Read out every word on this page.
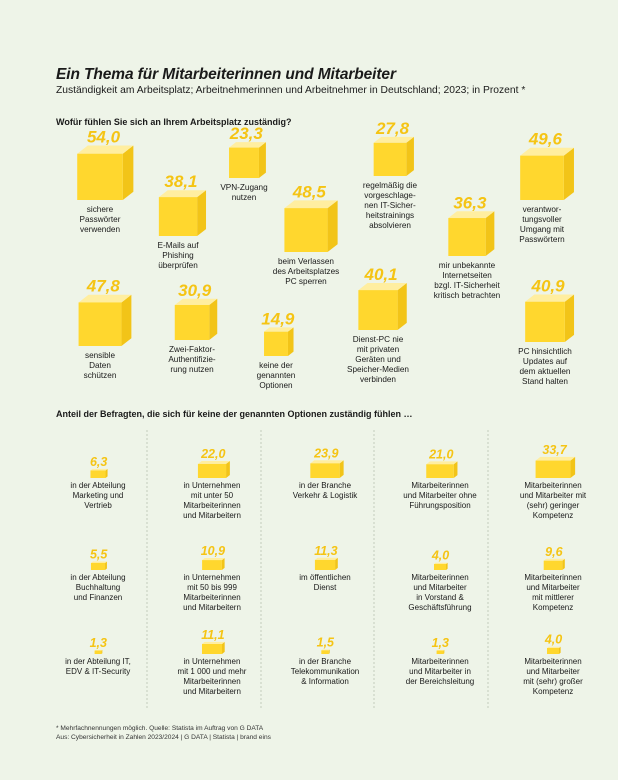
Ein Thema für Mitarbeiterinnen und Mitarbeiter
Zuständigkeit am Arbeitsplatz; Arbeitnehmerinnen und Arbeitnehmer in Deutschland; 2023; in Prozent *
Wofür fühlen Sie sich an Ihrem Arbeitsplatz zuständig?
Anteil der Befragten, die sich für keine der genannten Optionen zuständig fühlen …
54,0
sichere Passwörter verwenden
38,1
E-Mails auf Phishing überprüfen
23,3
VPN-Zugang nutzen	48,5
beim Verlassen des Arbeitsplatzes PC sperren
27,8
regelmäßig die vorgeschlage-nen IT-Sicher-heitstrainings absolvieren
36,3
mir unbekannte Internetseiten bzgl. IT-Sicherheit kritisch betrachten
49,6
verantwor-tungsvoller Umgang mit Passwörtern
47,8
sensible Daten schützen
30,9
Zwei-Faktor-Authentifizie-rung nutzen
14,9
keine der genannten Optionen
40,1
Dienst-PC nie mit privaten Geräten und Speicher-Medien verbinden
40,9
PC hinsichtlich Updates auf dem aktuellen Stand halten
6,3
in der Abteilung Marketing und Vertrieb
5,5
in der Abteilung Buchhaltung und Finanzen
1,3
in der Abteilung IT, EDV & IT-Security
22,0
in Unternehmen mit unter 50 Mitarbeiterinnen und Mitarbeitern
10,9
in Unternehmen mit 50 bis 999 Mitarbeiterinnen und Mitarbeitern
11,1
in Unternehmen mit 1 000 und mehr Mitarbeiterinnen und Mitarbeitern
23,9
in der Branche Verkehr & Logistik
11,3
im öffentlichen Dienst
1,5
in der Branche Telekommunikation & Information
21,0
Mitarbeiterinnen und Mitarbeiter ohne Führungsposition
4,0
Mitarbeiterinnen und Mitarbeiter in Vorstand & Geschäftsführung
1,3
Mitarbeiterinnen und Mitarbeiter in der Bereichsleitung
33,7
Mitarbeiterinnen und Mitarbeiter mit (sehr) geringer Kompetenz
9,6
Mitarbeiterinnen und Mitarbeiter mit mittlerer Kompetenz
4,0
Mitarbeiterinnen und Mitarbeiter mit (sehr) großer Kompetenz
* Mehrfachnennungen möglich. Quelle: Statista im Auftrag von G DATA
Aus: Cybersicherheit in Zahlen 2023/2024 | G DATA | Statista | brand eins
